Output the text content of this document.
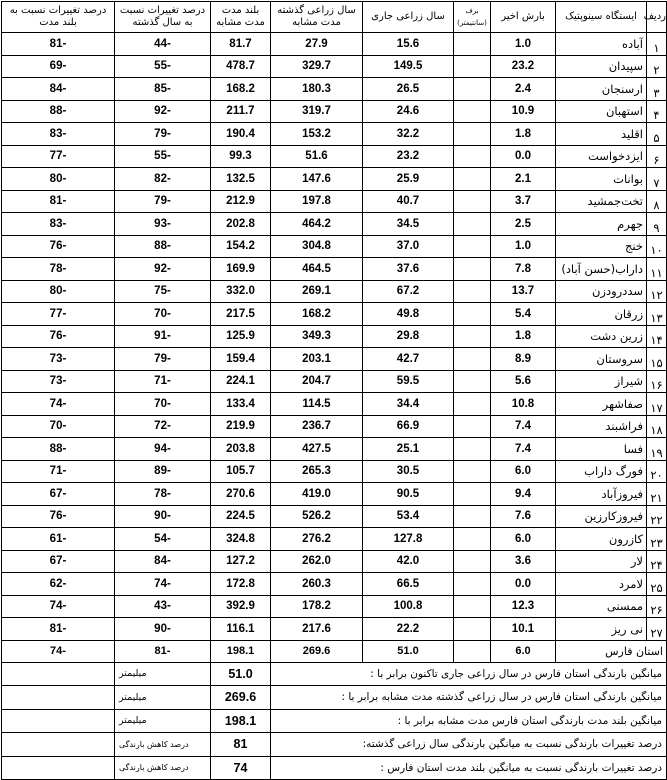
ردیف	ایستگاه سینوپتیک	بارش اخیر	برف (سانتیمتر)	سال زراعی جاری	سال زراعی گذشته مدت مشابه	بلند مدت مدت مشابه	درصد تغییرات نسبت به سال گذشته	درصد تغییرات نسبت به بلند مدت
۱	آباده	1.0		15.6	27.9	81.7	-44	-81
۲	سپیدان	23.2		149.5	329.7	478.7	-55	-69
۳	ارسنجان	2.4		26.5	180.3	168.2	-85	-84
۴	استهبان	10.9		24.6	319.7	211.7	-92	-88
۵	اقلید	1.8		32.2	153.2	190.4	-79	-83
۶	ایزدخواست	0.0		23.2	51.6	99.3	-55	-77
۷	بوانات	2.1		25.9	147.6	132.5	-82	-80
۸	تخت‌جمشید	3.7		40.7	197.8	212.9	-79	-81
۹	جهرم	2.5		34.5	464.2	202.8	-93	-83
۱۰	خنج	1.0		37.0	304.8	154.2	-88	-76
۱۱	داراب(حسن آباد)	7.8		37.6	464.5	169.9	-92	-78
۱۲	سددرودزن	13.7		67.2	269.1	332.0	-75	-80
۱۳	زرقان	5.4		49.8	168.2	217.5	-70	-77
۱۴	زرین دشت	1.8		29.8	349.3	125.9	-91	-76
۱۵	سروستان	8.9		42.7	203.1	159.4	-79	-73
۱۶	شیراز	5.6		59.5	204.7	224.1	-71	-73
۱۷	صفاشهر	10.8		34.4	114.5	133.4	-70	-74
۱۸	فراشبند	7.4		66.9	236.7	219.9	-72	-70
۱۹	فسا	7.4		25.1	427.5	203.8	-94	-88
۲۰	فورگ داراب	6.0		30.5	265.3	105.7	-89	-71
۲۱	فیروزآباد	9.4		90.5	419.0	270.6	-78	-67
۲۲	فیروزکارزین	7.6		53.4	526.2	224.5	-90	-76
۲۳	کازرون	6.0		127.8	276.2	324.8	-54	-61
۲۴	لار	3.6		42.0	262.0	127.2	-84	-67
۲۵	لامرد	0.0		66.5	260.3	172.8	-74	-62
۲۶	ممسنی	12.3		100.8	178.2	392.9	-43	-74
۲۷	نی ریز	10.1		22.2	217.6	116.1	-90	-81
استان فارس		6.0		51.0	269.6	198.1	-81	-74
میانگین بارندگی استان فارس در سال زراعی جاری تاکنون برابر با :						51.0	میلیمتر	
میانگین بارندگی استان فارس در سال زراعی گذشته مدت مشابه برابر با :						269.6	میلیمتر	
میانگین بلند مدت بارندگی استان فارس مدت مشابه برابر با :						198.1	میلیمتر	
درصد تغییرات بارندگی نسبت به میانگین بارندگی سال زراعی گذشته:						81	درصد کاهش بارندگی	
درصد تغییرات بارندگی نسبت به میانگین بلند مدت استان فارس :						74	درصد کاهش بارندگی	
